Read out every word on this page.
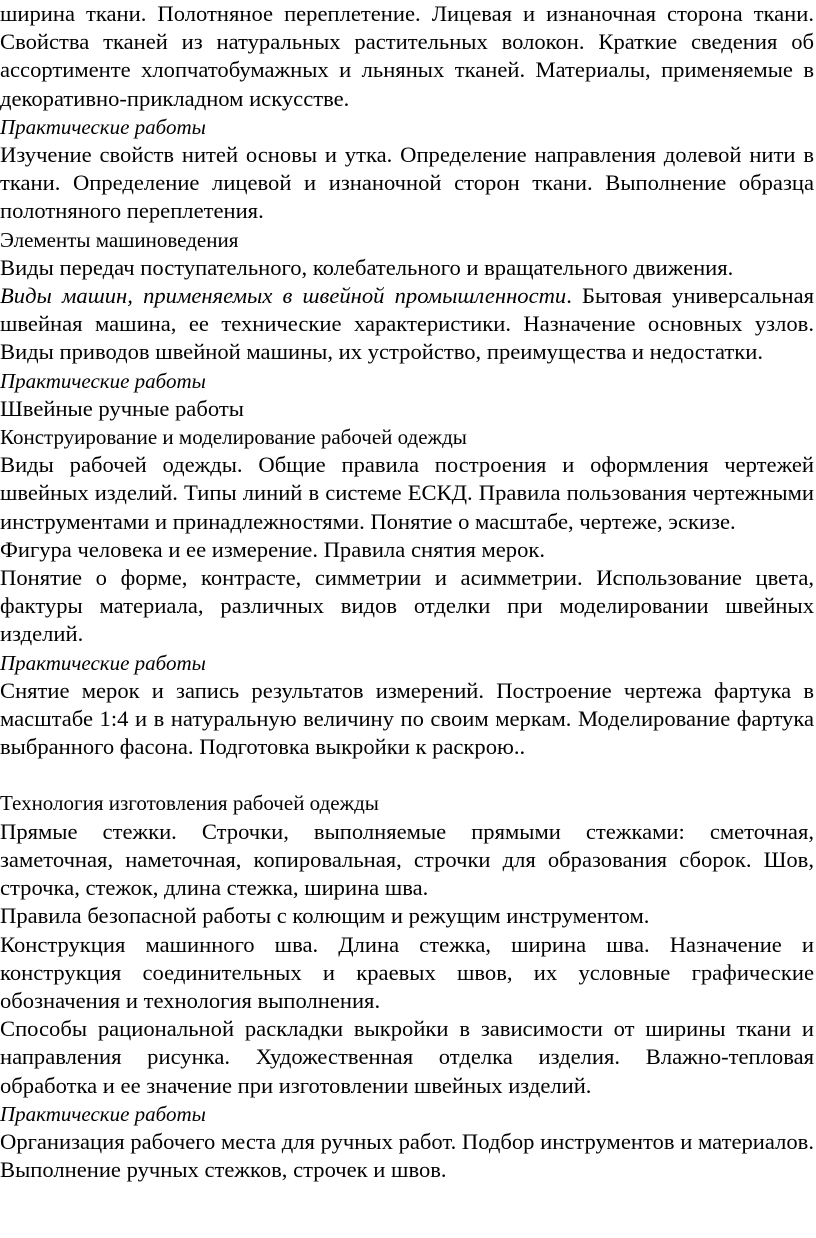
ширина ткани. Полотняное переплетение. Лицевая и изнаночная сторона ткани. Свойства тканей из натуральных растительных волокон. Краткие сведения об ассортименте хлопчатобумажных и льняных тканей. Материалы, применяемые в декоративно-прикладном искусстве.

Практические работы

Изучение свойств нитей основы и утка. Определение направления долевой нити в ткани. Определение лицевой и изнаночной сторон ткани. Выполнение образца полотняного переплетения.

Элементы машиноведения

Виды передач поступательного, колебательного и вращательного движения.

Виды машин, применяемых в швейной промышленности. Бытовая универсальная швейная машина, ее технические характеристики. Назначение основных узлов. Виды приводов швейной машины, их устройство, преимущества и недостатки.

Практические работы

Швейные ручные работы

Конструирование и моделирование рабочей одежды

Виды рабочей одежды. Общие правила построения и оформления чертежей швейных изделий. Типы линий в системе ЕСКД. Правила пользования чертежными инструментами и принадлежностями. Понятие о масштабе, чертеже, эскизе.

Фигура человека и ее измерение. Правила снятия мерок.

Понятие о форме, контрасте, симметрии и асимметрии. Использование цвета, фактуры материала, различных видов отделки при моделировании швейных изделий.

Практические работы

Снятие мерок и запись результатов измерений. Построение чертежа фартука в масштабе 1:4 и в натуральную величину по своим меркам. Моделирование фартука выбранного фасона. Подготовка выкройки к раскрою..

Технология изготовления рабочей одежды

Прямые стежки. Строчки, выполняемые прямыми стежками: сметочная, заметочная, наметочная, копировальная, строчки для образования сборок. Шов, строчка, стежок, длина стежка, ширина шва.

Правила безопасной работы с колющим и режущим инструментом.

Конструкция машинного шва. Длина стежка, ширина шва. Назначение и конструкция соединительных и краевых швов, их условные графические обозначения и технология выполнения.

Способы рациональной раскладки выкройки в зависимости от ширины ткани и направления рисунка. Художественная отделка изделия. Влажно-тепловая обработка и ее значение при изготовлении швейных изделий.

Практические работы

Организация рабочего места для ручных работ. Подбор инструментов и материалов. Выполнение ручных стежков, строчек и швов.
